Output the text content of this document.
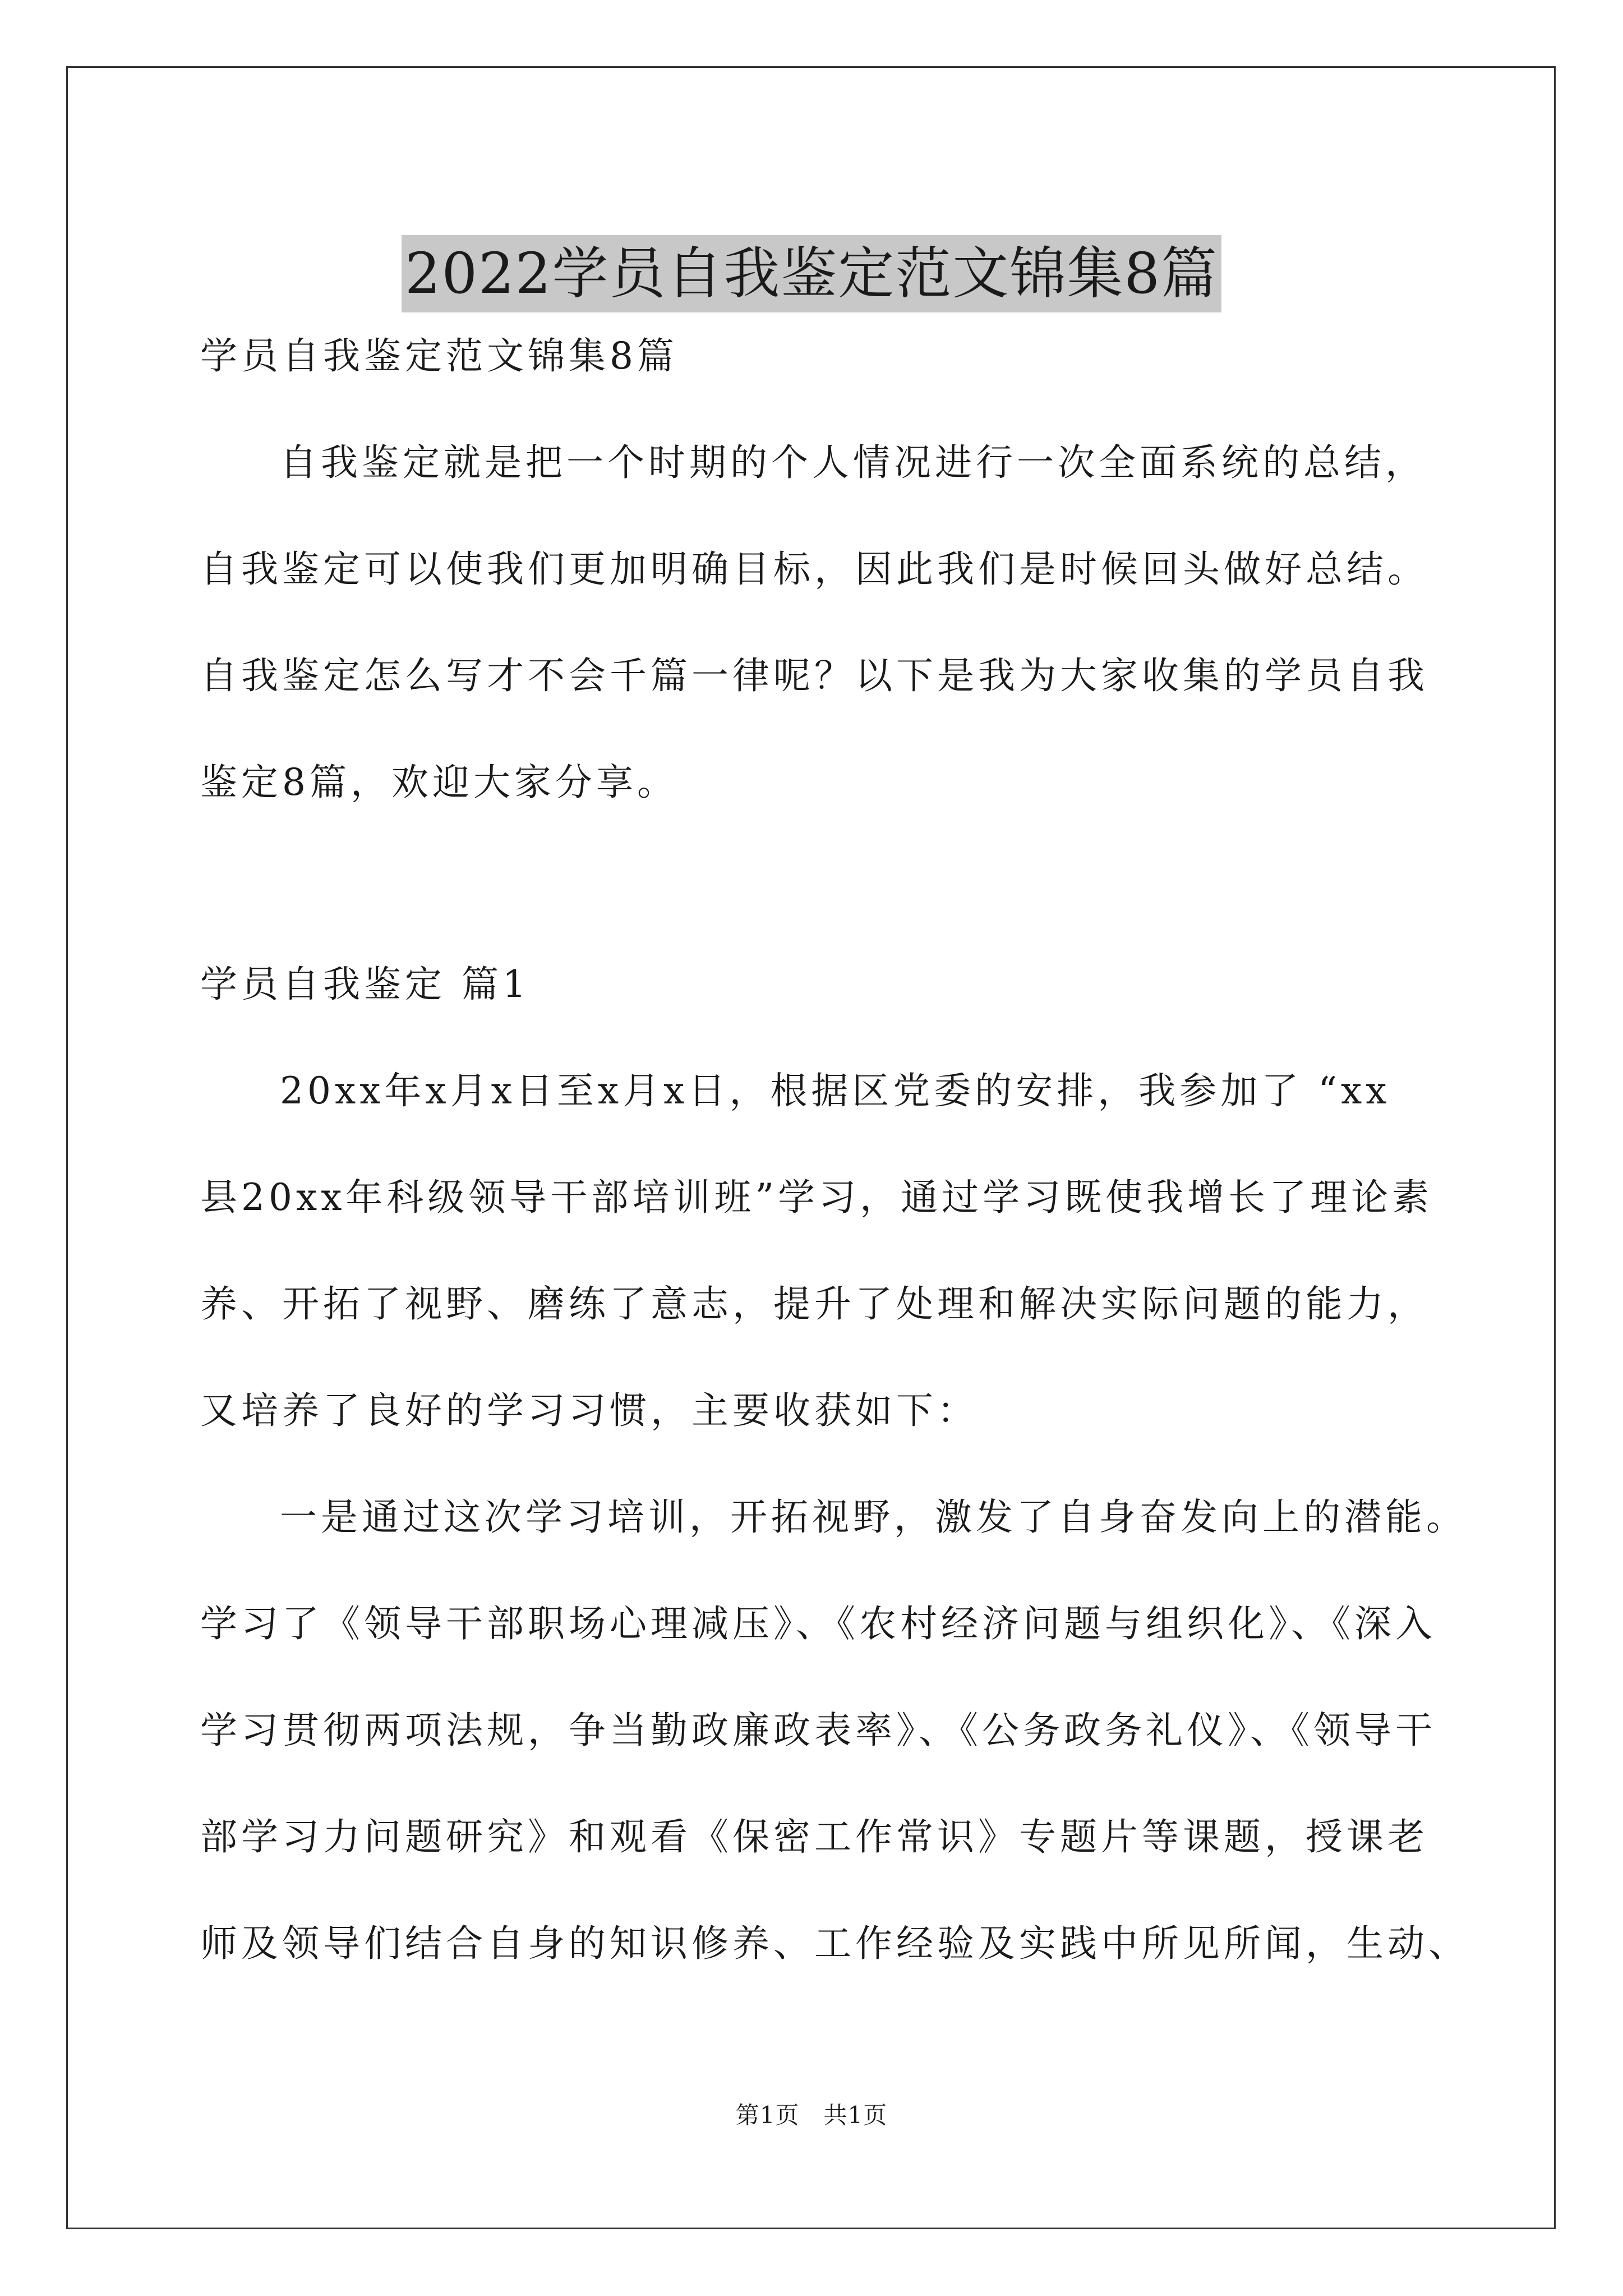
2022学员自我鉴定范文锦集8篇
学员自我鉴定范文锦集8篇
自我鉴定就是把一个时期的个人情况进行一次全面系统的总结，
自我鉴定可以使我们更加明确目标，因此我们是时候回头做好总结。
自我鉴定怎么写才不会千篇一律呢？以下是我为大家收集的学员自我
鉴定8篇，欢迎大家分享。
学员自我鉴定 篇1
20xx年x月x日至x月x日，根据区党委的安排，我参加了 “xx
县20xx年科级领导干部培训班”学习，通过学习既使我增长了理论素
养、开拓了视野、磨练了意志，提升了处理和解决实际问题的能力，
又培养了良好的学习习惯，主要收获如下：
一是通过这次学习培训，开拓视野，激发了自身奋发向上的潜能。
学习了《领导干部职场心理减压》、《农村经济问题与组织化》、《深入
学习贯彻两项法规，争当勤政廉政表率》、《公务政务礼仪》、《领导干
部学习力问题研究》和观看《保密工作常识》专题片等课题，授课老
师及领导们结合自身的知识修养、工作经验及实践中所见所闻，生动、
第1页　共1页
